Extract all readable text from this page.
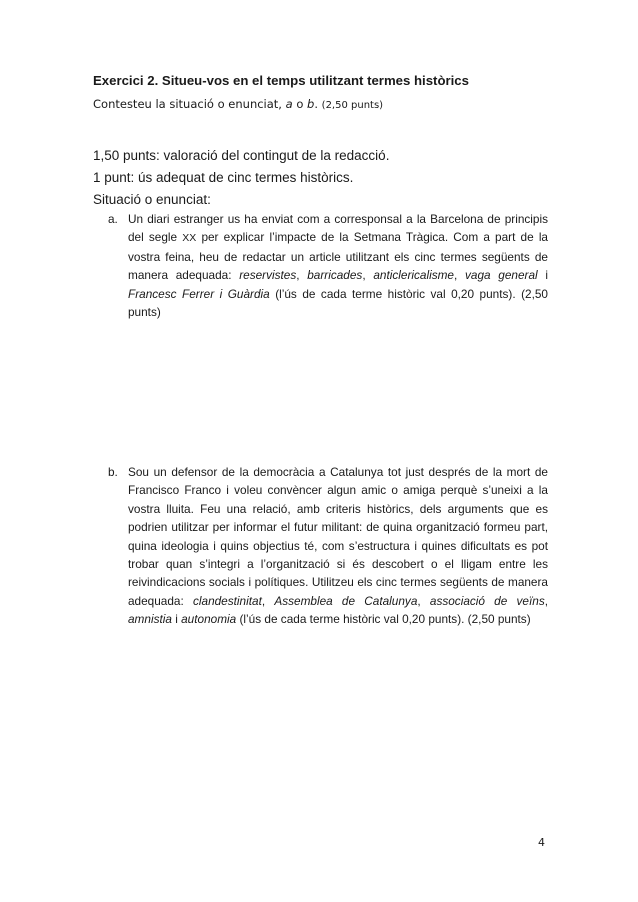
Exercici 2. Situeu-vos en el temps utilitzant termes històrics
Contesteu la situació o enunciat, a o b. (2,50 punts)
1,50 punts: valoració del contingut de la redacció.
1 punt: ús adequat de cinc termes històrics.
Situació o enunciat:
a. Un diari estranger us ha enviat com a corresponsal a la Barcelona de principis del segle XX per explicar l’impacte de la Setmana Tràgica. Com a part de la vostra feina, heu de redactar un article utilitzant els cinc termes següents de manera adequada: reservistes, barricades, anticlericalisme, vaga general i Francesc Ferrer i Guàrdia (l’ús de cada terme històric val 0,20 punts). (2,50 punts)
b. Sou un defensor de la democràcia a Catalunya tot just després de la mort de Francisco Franco i voleu convèncer algun amic o amiga perquè s’uneixi a la vostra lluita. Feu una relació, amb criteris històrics, dels arguments que es podrien utilitzar per informar el futur militant: de quina organització formeu part, quina ideologia i quins objectius té, com s’estructura i quines dificultats es pot trobar quan s’integri a l’organització si és descobert o el lligam entre les reivindicacions socials i polítiques. Utilitzeu els cinc termes següents de manera adequada: clandestinitat, Assemblea de Catalunya, associació de veïns, amnistia i autonomia (l’ús de cada terme històric val 0,20 punts). (2,50 punts)
4
